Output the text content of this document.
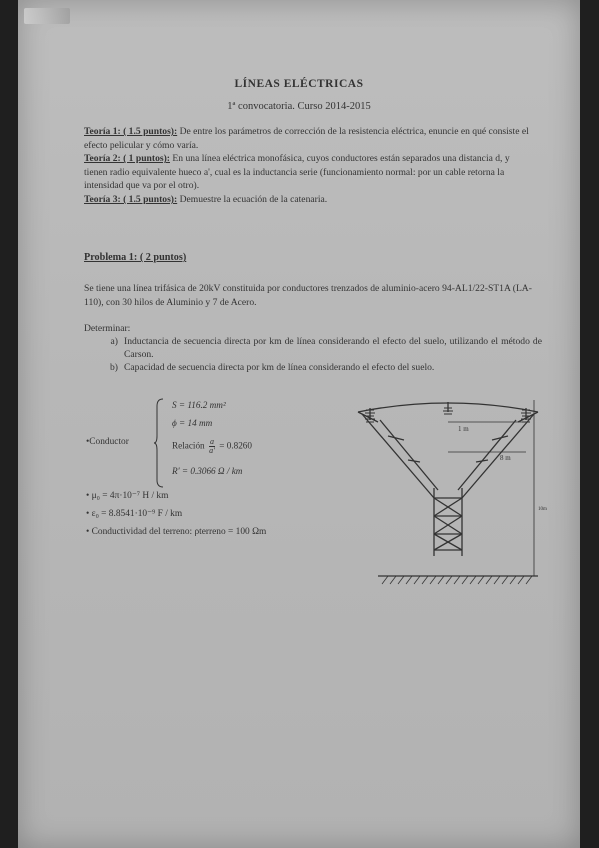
LÍNEAS ELÉCTRICAS
1ª convocatoria. Curso 2014-2015
Teoría 1: ( 1.5 puntos): De entre los parámetros de corrección de la resistencia eléctrica, enuncie en qué consiste el efecto pelicular y cómo varía.
Teoría 2: ( 1 puntos): En una línea eléctrica monofásica, cuyos conductores están separados una distancia d, y tienen radio equivalente hueco a', cual es la inductancia serie (funcionamiento normal: por un cable retorna la intensidad que va por el otro).
Teoría 3: ( 1.5 puntos): Demuestre la ecuación de la catenaria.
Problema 1: ( 2 puntos)
Se tiene una línea trifásica de 20kV constituida por conductores trenzados de aluminio-acero 94-AL1/22-ST1A (LA-110), con 30 hilos de Aluminio y 7 de Acero.
Determinar:
a) Inductancia de secuencia directa por km de línea considerando el efecto del suelo, utilizando el método de Carson.
b) Capacidad de secuencia directa por km de línea considerando el efecto del suelo.
•Conductor
S = 116.2 mm²
ϕ = 14 mm
Relación $\frac{a}{a'} = 0.8260$
R' = 0.3066 Ω / km
• μ₀ = 4π·10⁻⁷ H / km
• ε₀ = 8.8541·10⁻⁹ F / km
• Conductividad del terreno: ρterreno = 100 Ωm
1 m
8 m
10m
